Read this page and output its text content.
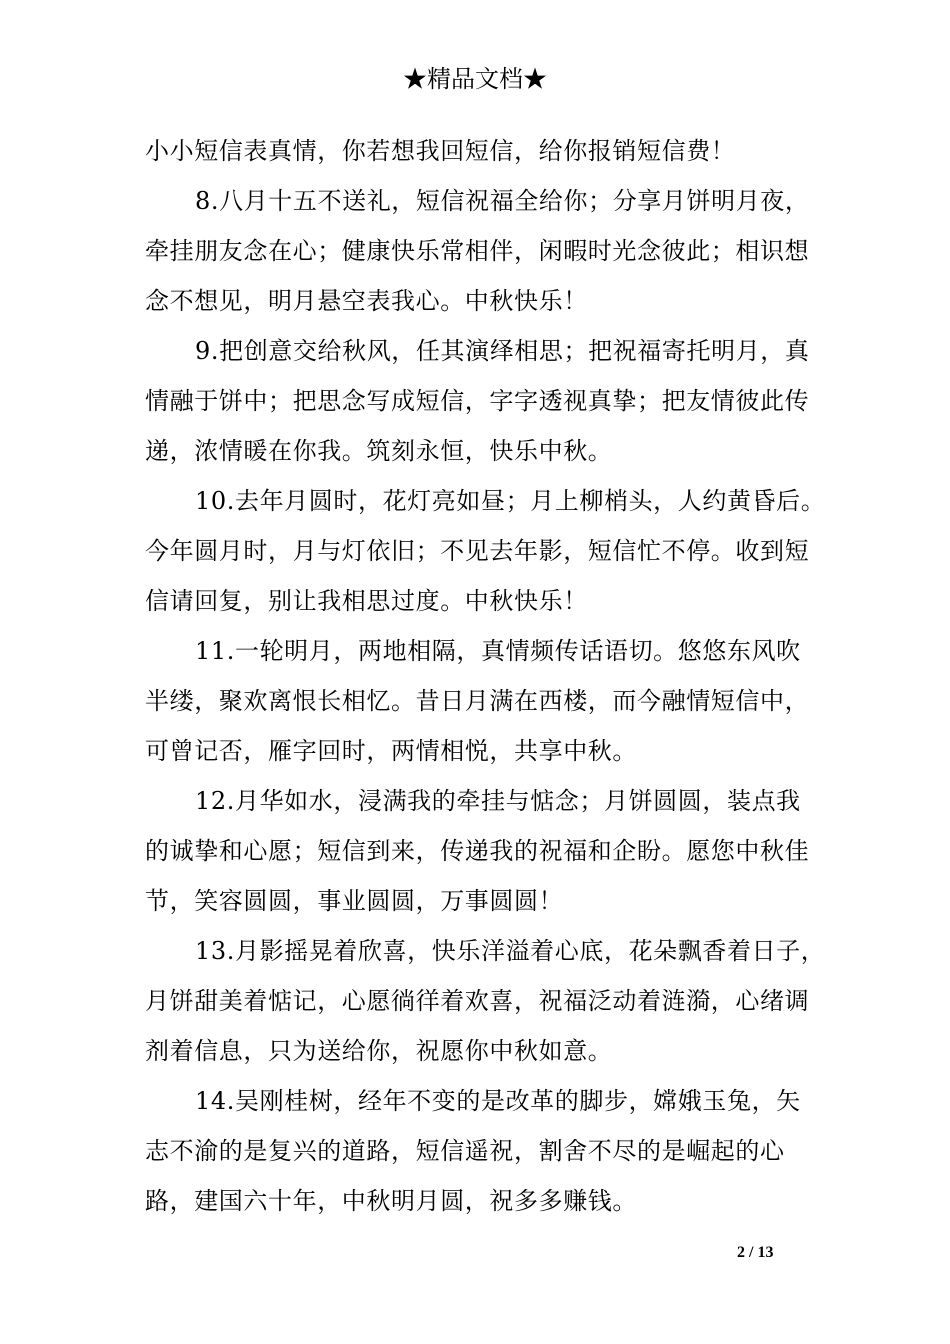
★精品文档★
小小短信表真情，你若想我回短信，给你报销短信费！
8.八月十五不送礼，短信祝福全给你；分享月饼明月夜，
牵挂朋友念在心；健康快乐常相伴，闲暇时光念彼此；相识想
念不想见，明月悬空表我心。中秋快乐！
9.把创意交给秋风，任其演绎相思；把祝福寄托明月，真
情融于饼中；把思念写成短信，字字透视真挚；把友情彼此传
递，浓情暖在你我。筑刻永恒，快乐中秋。
10.去年月圆时，花灯亮如昼；月上柳梢头，人约黄昏后。
今年圆月时，月与灯依旧；不见去年影，短信忙不停。收到短
信请回复，别让我相思过度。中秋快乐！
11.一轮明月，两地相隔，真情频传话语切。悠悠东风吹
半缕，聚欢离恨长相忆。昔日月满在西楼，而今融情短信中，
可曾记否，雁字回时，两情相悦，共享中秋。
12.月华如水，浸满我的牵挂与惦念；月饼圆圆，装点我
的诚挚和心愿；短信到来，传递我的祝福和企盼。愿您中秋佳
节，笑容圆圆，事业圆圆，万事圆圆！
13.月影摇晃着欣喜，快乐洋溢着心底，花朵飘香着日子，
月饼甜美着惦记，心愿徜徉着欢喜，祝福泛动着涟漪，心绪调
剂着信息，只为送给你，祝愿你中秋如意。
14.吴刚桂树，经年不变的是改革的脚步，嫦娥玉兔，矢
志不渝的是复兴的道路，短信遥祝，割舍不尽的是崛起的心
路，建国六十年，中秋明月圆，祝多多赚钱。
2 / 13
